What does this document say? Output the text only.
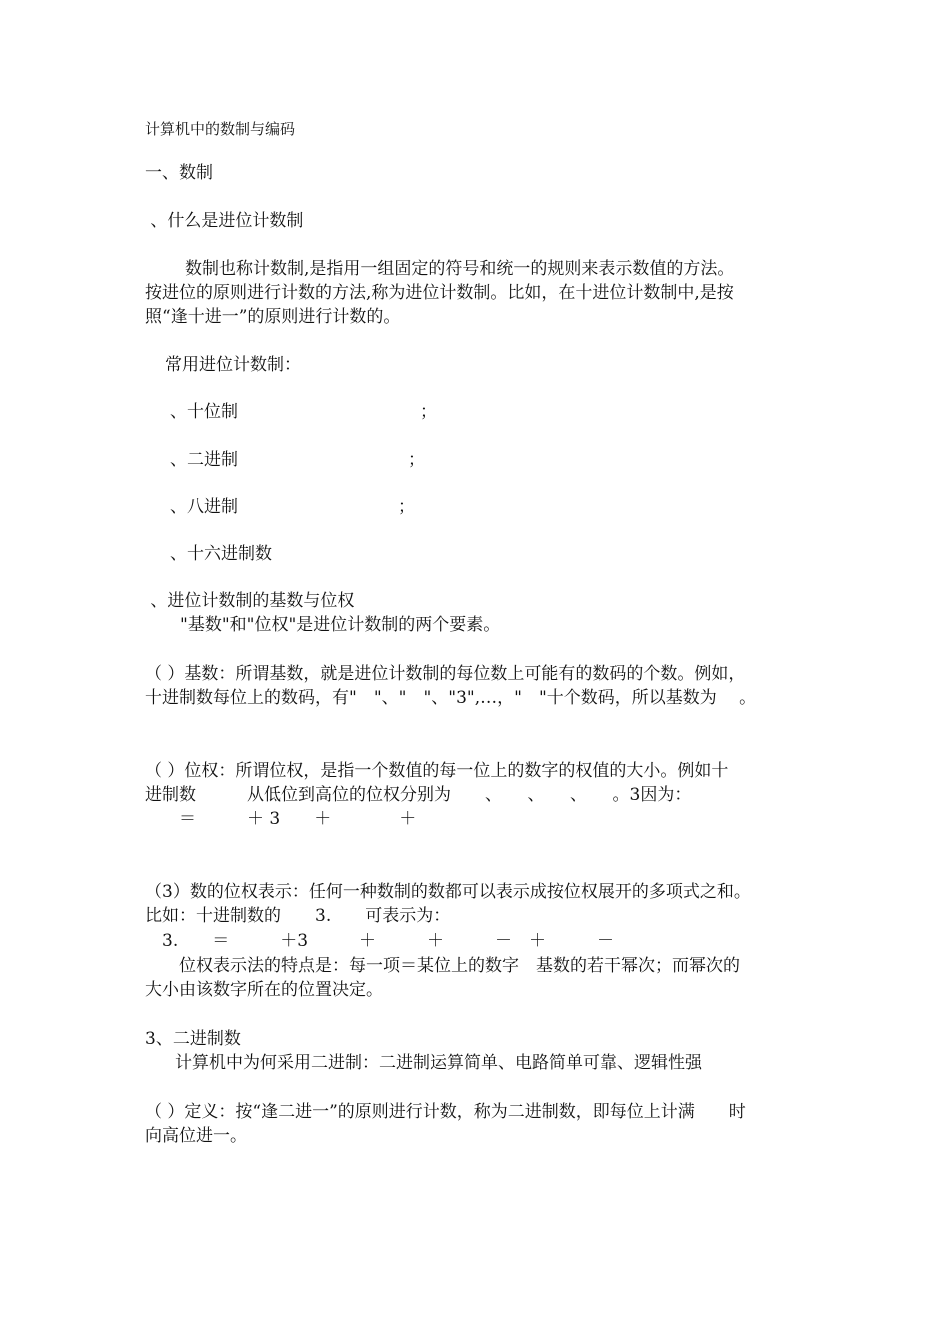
计算机中的数制与编码
一、数制
、什么是进位计数制
数制也称计数制,是指用一组固定的符号和统一的规则来表示数值的方法。
按进位的原则进行计数的方法,称为进位计数制。比如，在十进位计数制中,是按
照“逢十进一”的原则进行计数的。
常用进位计数制：
、十位制	；
、二进制	；
、八进制	；
、十六进制数
、进位计数制的基数与位权
"基数"和"位权"是进位计数制的两个要素。
（ ）基数：所谓基数，就是进位计数制的每位数上可能有的数码的个数。例如，
十进制数每位上的数码，有"　"、"　"、"3",…，"　"十个数码，所以基数为　 。
（ ）位权：所谓位权，是指一个数值的每一位上的数字的权值的大小。例如十
进制数　　　从低位到高位的位权分别为　　、　　、　　、　　。3因为：
　　＝　　　＋ 3　　＋　　　　＋
（3）数的位权表示：任何一种数制的数都可以表示成按位权展开的多项式之和。
比如：十进制数的　　3.　　可表示为：
　3.　　＝　　　＋3　　　＋　　　＋　　　－　＋　　　－
　　位权表示法的特点是：每一项＝某位上的数字　基数的若干幂次；而幂次的
大小由该数字所在的位置决定。
3、二进制数
计算机中为何采用二进制：二进制运算简单、电路简单可靠、逻辑性强
（ ）定义：按“逢二进一”的原则进行计数，称为二进制数，即每位上计满　　时
向高位进一。
